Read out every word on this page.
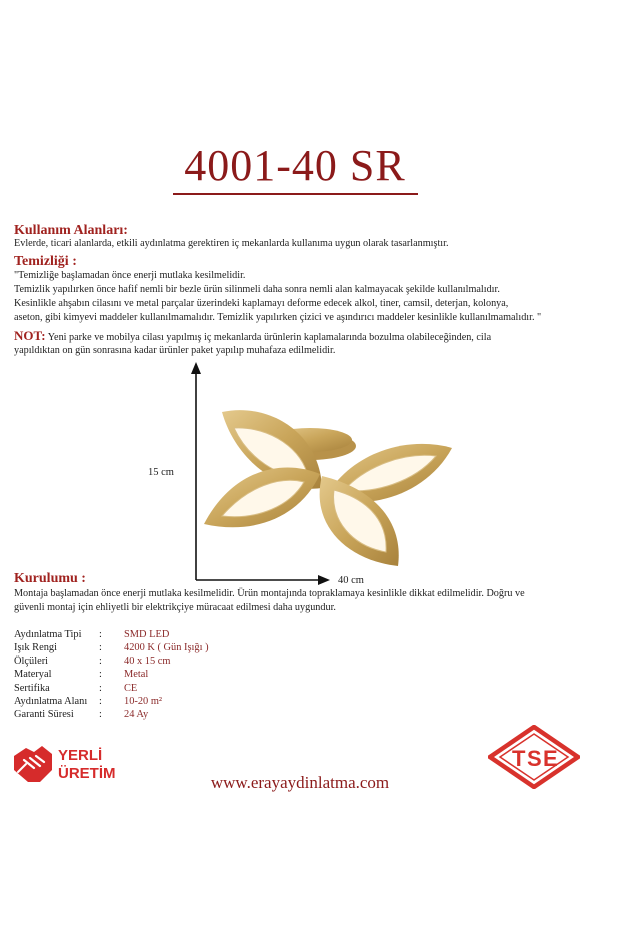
4001-40 SR
Kullanım Alanları:
Evlerde, ticari alanlarda, etkili aydınlatma gerektiren iç mekanlarda kullanıma uygun olarak tasarlanmıştır.
Temizliği :
"Temizliğe başlamadan önce enerji mutlaka kesilmelidir.
Temizlik yapılırken önce hafif nemli bir bezle ürün silinmeli daha sonra nemli alan kalmayacak şekilde kullanılmalıdır.
Kesinlikle ahşabın cilasını ve metal parçalar üzerindeki kaplamayı deforme edecek alkol, tiner, camsil, deterjan, kolonya,
aseton, gibi kimyevi maddeler kullanılmamalıdır. Temizlik yapılırken çizici ve aşındırıcı maddeler kesinlikle kullanılmamalıdır. "
NOT: Yeni parke ve mobilya cilası yapılmış iç mekanlarda ürünlerin kaplamalarında bozulma olabileceğinden, cila
yapıldıktan on gün sonrasına kadar ürünler paket yapılıp muhafaza edilmelidir.
15 cm
40 cm
Kurulumu :
Montaja başlamadan önce enerji mutlaka kesilmelidir. Ürün montajında topraklamaya kesinlikle dikkat edilmelidir. Doğru ve
güvenli montaj için ehliyetli bir elektrikçiye müracaat edilmesi daha uygundur.
Aydınlatma Tipi	:	SMD LED
Işık Rengi	:	4200 K ( Gün Işığı )
Ölçüleri	:	40 x 15 cm
Materyal	:	Metal
Sertifika	:	CE
Aydınlatma Alanı	:	10-20 m²
Garanti Süresi	:	24 Ay
YERLİ
ÜRETİM	www.erayaydinlatma.com
T S E
